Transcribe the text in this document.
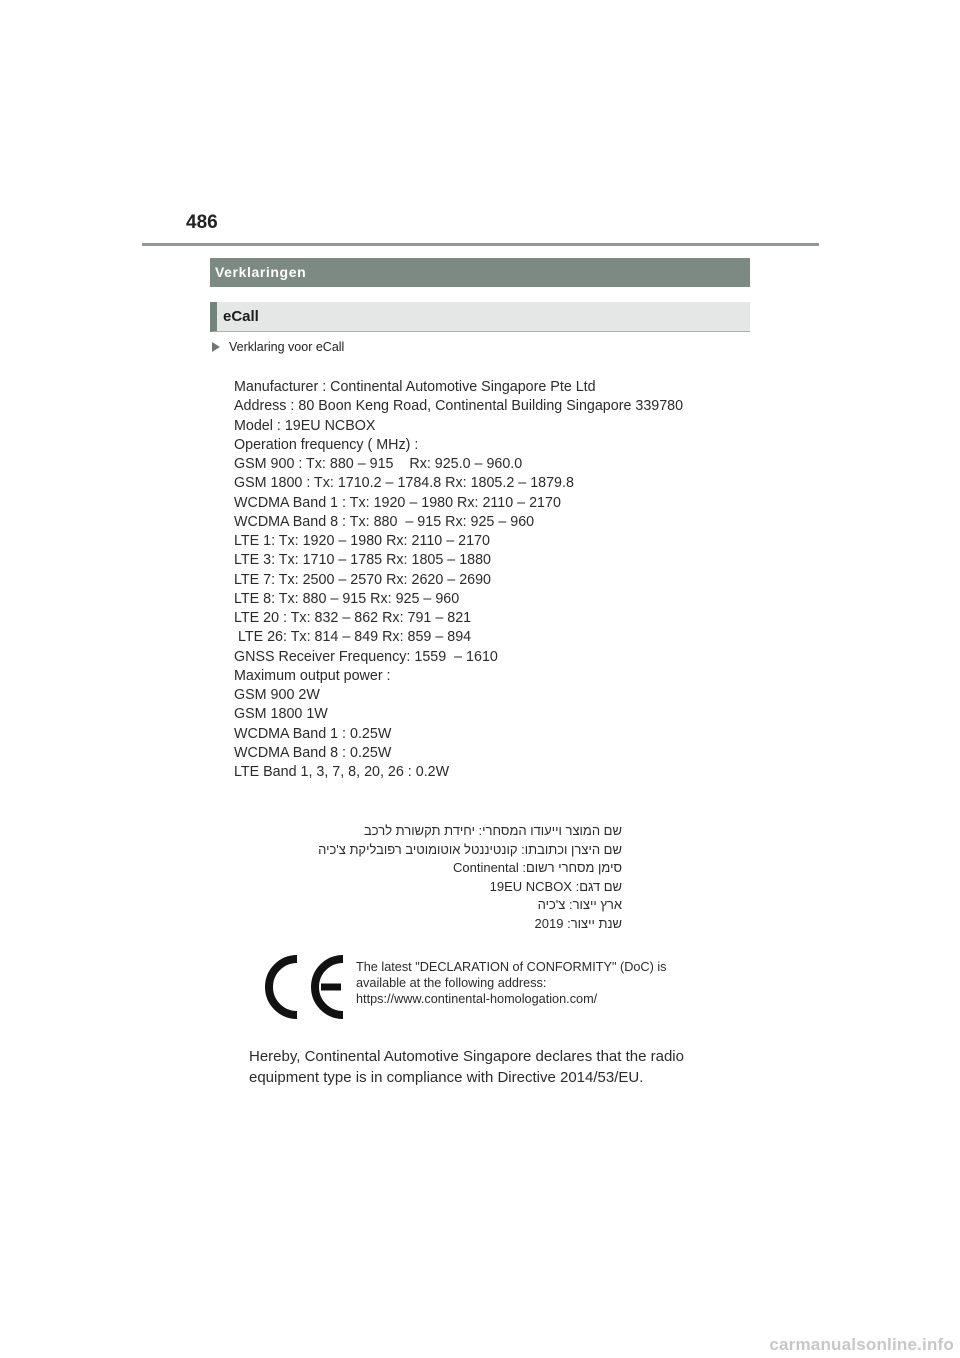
486
Verklaringen
eCall
Verklaring voor eCall
Manufacturer : Continental Automotive Singapore Pte Ltd
Address : 80 Boon Keng Road, Continental Building Singapore 339780
Model : 19EU NCBOX
Operation frequency ( MHz) :
GSM 900 : Tx: 880 – 915    Rx: 925.0 – 960.0
GSM 1800 : Tx: 1710.2 – 1784.8 Rx: 1805.2 – 1879.8
WCDMA Band 1 : Tx: 1920 – 1980 Rx: 2110 – 2170
WCDMA Band 8 : Tx: 880  – 915 Rx: 925 – 960
LTE 1: Tx: 1920 – 1980 Rx: 2110 – 2170
LTE 3: Tx: 1710 – 1785 Rx: 1805 – 1880
LTE 7: Tx: 2500 – 2570 Rx: 2620 – 2690
LTE 8: Tx: 880 – 915 Rx: 925 – 960
LTE 20 : Tx: 832 – 862 Rx: 791 – 821
LTE 26: Tx: 814 – 849 Rx: 859 – 894
GNSS Receiver Frequency: 1559  – 1610
Maximum output power :
GSM 900 2W
GSM 1800 1W
WCDMA Band 1 : 0.25W
WCDMA Band 8 : 0.25W
LTE Band 1, 3, 7, 8, 20, 26 : 0.2W
שם המוצר וייעודו המסחרי: יחידת תקשורת לרכב
שם היצרן וכתובתו: קונטיננטל אוטומוטיב רפובליקת צ'כיה
סימן מסחרי רשום: Continental
שם דגם: 19EU NCBOX
ארץ ייצור: צ'כיה
שנת ייצור: 2019
The latest "DECLARATION of CONFORMITY" (DoC) is
available at the following address:
https://www.continental-homologation.com/
Hereby, Continental Automotive Singapore declares that the radio
equipment type is in compliance with Directive 2014/53/EU.
carmanualsonline.info
